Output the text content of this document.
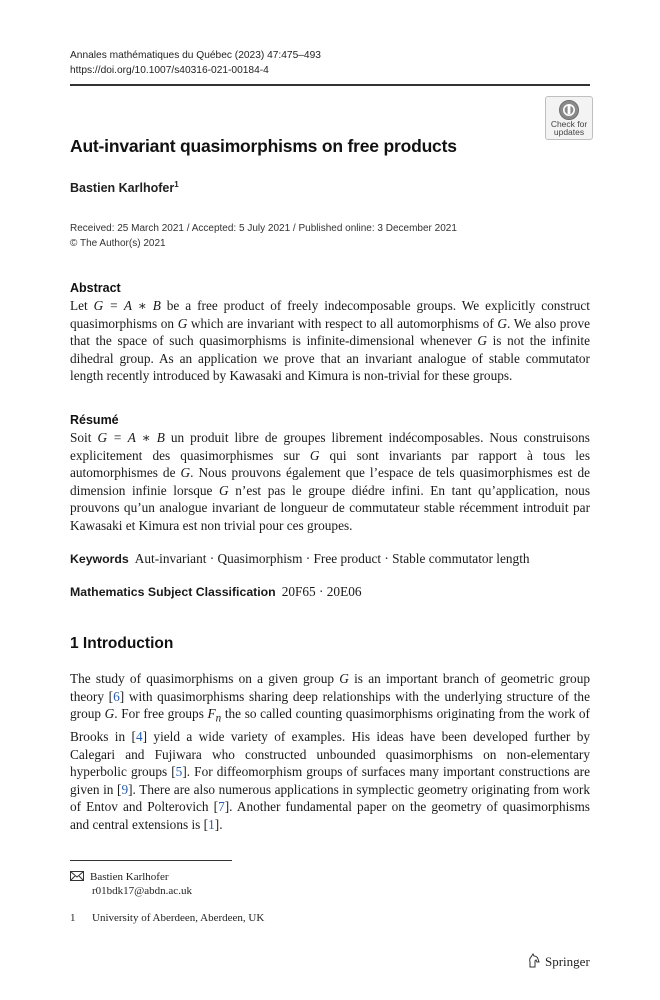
Annales mathématiques du Québec (2023) 47:475–493
https://doi.org/10.1007/s40316-021-00184-4
Check for
updates
Aut-invariant quasimorphisms on free products
Bastien Karlhofer$^1$
Received: 25 March 2021 / Accepted: 5 July 2021 / Published online: 3 December 2021
© The Author(s) 2021
Abstract
Let G = A ∗ B be a free product of freely indecomposable groups. We explicitly construct quasimorphisms on G which are invariant with respect to all automorphisms of G. We also prove that the space of such quasimorphisms is infinite-dimensional whenever G is not the infinite dihedral group. As an application we prove that an invariant analogue of stable commutator length recently introduced by Kawasaki and Kimura is non-trivial for these groups.
Résumé
Soit G = A ∗ B un produit libre de groupes librement indécomposables. Nous construisons explicitement des quasimorphismes sur G qui sont invariants par rapport à tous les automorphismes de G. Nous prouvons également que l’espace de tels quasimorphismes est de dimension infinie lorsque G n’est pas le groupe diédre infini. En tant qu’application, nous prouvons qu’un analogue invariant de longueur de commutateur stable récemment introduit par Kawasaki et Kimura est non trivial pour ces groupes.
Keywords Aut-invariant · Quasimorphism · Free product · Stable commutator length
Mathematics Subject Classification 20F65 · 20E06
1 Introduction
The study of quasimorphisms on a given group G is an important branch of geometric group theory [6] with quasimorphisms sharing deep relationships with the underlying structure of the group G. For free groups $F_n$ the so called counting quasimorphisms originating from the work of Brooks in [4] yield a wide variety of examples. His ideas have been developed further by Calegari and Fujiwara who constructed unbounded quasimorphisms on non-elementary hyperbolic groups [5]. For diffeomorphism groups of surfaces many important constructions are given in [9]. There are also numerous applications in symplectic geometry originating from work of Entov and Polterovich [7]. Another fundamental paper on the geometry of quasimorphisms and central extensions is [1].
Bastien Karlhofer
r01bdk17@abdn.ac.uk
1 University of Aberdeen, Aberdeen, UK
Springer
